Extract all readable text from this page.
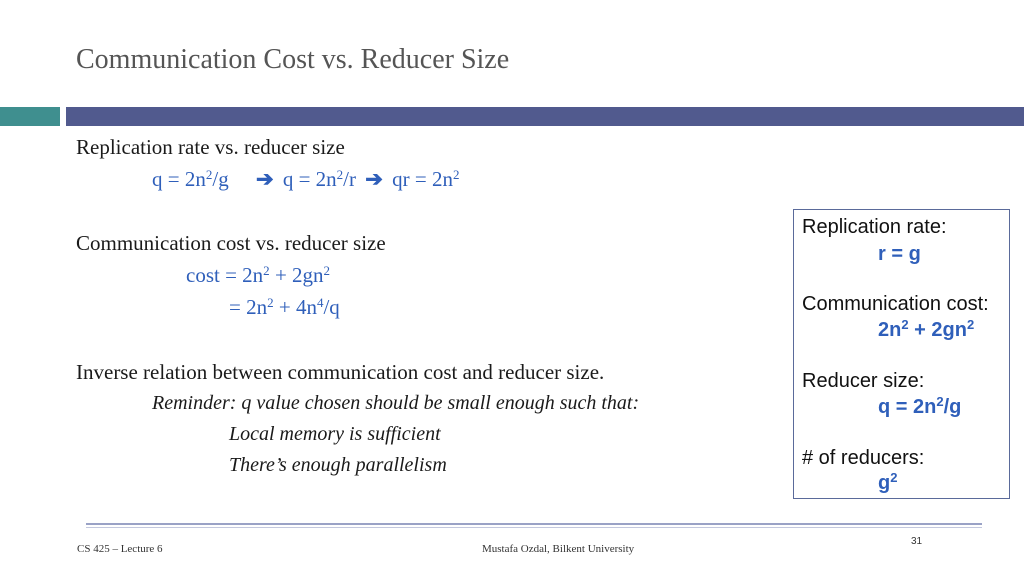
Communication Cost vs. Reducer Size
Replication rate vs. reducer size
$q = 2n^2/g$ ➔ $q = 2n^2/r$ ➔ qr = $2n^2$
Communication cost vs. reducer size
$\cos t = 2n^2 + 2gn^2$
= $2n^2 + 4n^4/q$
Inverse relation between communication cost and reducer size.
Reminder: q value chosen should be small enough such that:
Local memory is sufficient
There’s enough parallelism
Replication rate:
r = g
Communication cost:
$2n^2 + 2gn^2$
Reducer size:
$q = 2n^2/g$
# of reducers:
$g^2$
CS 425 – Lecture 6	Mustafa Ozdal, Bilkent University
31
